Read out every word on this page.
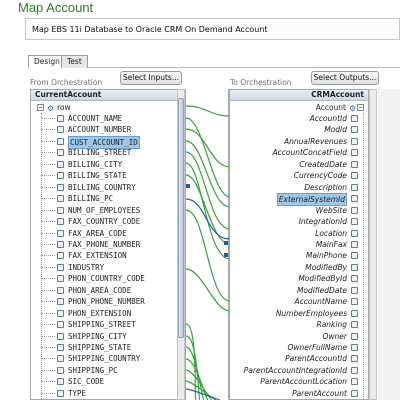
Map Account
Map EBS 11i Database to Oracle CRM On Demand Account
Design Test
From Orchestration
Select Inputs...
To Orchestration
Select Outputs...
CurrentAccount
− ⚙ row
ACCOUNT_NAME
ACCOUNT_NUMBER
CUST_ACCOUNT_ID
BILLING_STREET
BILLING_CITY
BILLING_STATE
BILLING_COUNTRY
BILLING_PC
NUM_OF_EMPLOYEES
FAX_COUNTRY_CODE
FAX_AREA_CODE
FAX_PHONE_NUMBER
FAX_EXTENSION
INDUSTRY
PHON_COUNTRY_CODE
PHON_AREA_CODE
PHON_PHONE_NUMBER
PHON_EXTENSION
SHIPPING_STREET
SHIPPING_CITY
SHIPPING_STATE
SHIPPING_COUNTRY
SHIPPING_PC
SIC_CODE
TYPE
CRMAccount
Account ⚙ −
AccountId
ModId
AnnualRevenues
AccountConcatField
CreatedDate
CurrencyCode
Description
ExternalSystemId
WebSite
IntegrationId
Location
MainFax
MainPhone
ModifiedBy
ModifiedById
ModifiedDate
AccountName
NumberEmployees
Ranking
Owner
OwnerFullName
ParentAccountId
ParentAccountIntegrationId
ParentAccountLocation
ParentAccount
